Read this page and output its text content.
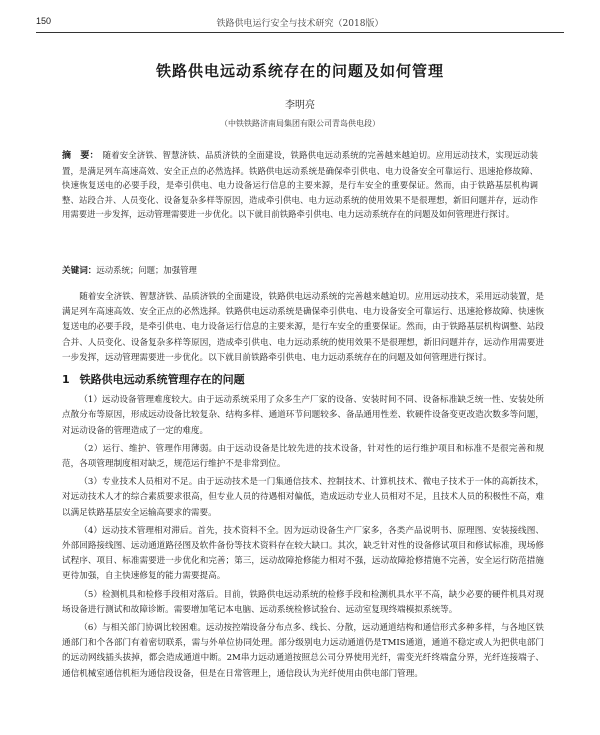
150	铁路供电运行安全与技术研究（2018版）
铁路供电远动系统存在的问题及如何管理
李明亮
（中铁铁路济南局集团有限公司青岛供电段）
摘　要： 随着安全济铁、智慧济铁、品质济铁的全面建设，铁路供电远动系统的完善越来越迫切。应用远动技术，实现远动装置，是满足列车高速高效、安全正点的必然选择。铁路供电远动系统是确保牵引供电、电力设备安全可靠运行、迅速抢修故障、快速恢复送电的必要手段，是牵引供电、电力设备运行信息的主要来源，是行车安全的重要保证。然而，由于铁路基层机构调整、站段合并、人员变化、设备复杂多样等原因，造成牵引供电、电力远动系统的使用效果不是很理想，新旧问题并存，远动作用需要进一步发挥，远动管理需要进一步优化。以下就目前铁路牵引供电、电力远动系统存在的问题及如何管理进行探讨。
关键词：远动系统；问题；加强管理

随着安全济铁、智慧济铁、品质济铁的全面建设，铁路供电远动系统的完善越来越迫切。应用远动技术，采用远动装置，是满足列车高速高效、安全正点的必然选择。铁路供电远动系统是确保牵引供电、电力设备安全可靠运行、迅速抢修故障、快速恢复送电的必要手段，是牵引供电、电力设备运行信息的主要来源，是行车安全的重要保证。然而，由于铁路基层机构调整、站段合并、人员变化、设备复杂多样等原因，造成牵引供电、电力远动系统的使用效果不是很理想，新旧问题并存，远动作用需要进一步发挥，远动管理需要进一步优化。以下就目前铁路牵引供电、电力远动系统存在的问题及如何管理进行探讨。

1 铁路供电远动系统管理存在的问题

（1）远动设备管理难度较大。由于远动系统采用了众多生产厂家的设备、安装时间不同、设备标准缺乏统一性、安装处所点散分布等原因，形成远动设备比较复杂、结构多样、通道环节问题较多、备品通用性差、软硬件设备变更改造次数多等问题，对远动设备的管理造成了一定的难度。

（2）运行、维护、管理作用薄弱。由于远动设备是比较先进的技术设备，针对性的运行维护项目和标准不是很完善和规范，各项管理制度相对缺乏，规范运行维护不是非常到位。

（3）专业技术人员相对不足。由于远动技术是一门集通信技术、控制技术、计算机技术、微电子技术于一体的高新技术，对远动技术人才的综合素质要求很高，但专业人员的待遇相对偏低，造成远动专业人员相对不足，且技术人员的积极性不高，难以满足铁路基层安全运输高要求的需要。

（4）远动技术管理相对滞后。首先，技术资料不全。因为远动设备生产厂家多，各类产品说明书、原理图、安装接线图、外部回路接线图、远动通道路径图及软件备份等技术资料存在较大缺口。其次，缺乏针对性的设备修试项目和修试标准，现场修试程序、项目、标准需要进一步优化和完善；第三，远动故障抢修能力相对不强，远动故障抢修措施不完善，安全运行防范措施更待加强，自主快速修复的能力需要提高。

（5）检测机具和检修手段相对落后。目前，铁路供电远动系统的检修手段和检测机具水平不高，缺少必要的硬件机具对现场设备进行测试和故障诊断。需要增加笔记本电脑、远动系统检修试验台、远动室复现终端模拟系统等。

（6）与相关部门协调比较困难。远动按控端设备分布点多、线长、分散，远动通道结构和通信形式多种多样，与各地区铁通部门和个各部门有着密切联系，需与外单位协同处理。部分级别电力远动通道仍是TMIS通道，通道不稳定或人为把供电部门的远动网线插头拔掉，都会造成通道中断。2M串力远动通道按照总公司分界使用光纤，需变光纤终端盒分界，光纤连接端子、通信机械室通信机柜为通信段设备，但是在日常管理上，通信段认为光纤使用由供电部门管理。
